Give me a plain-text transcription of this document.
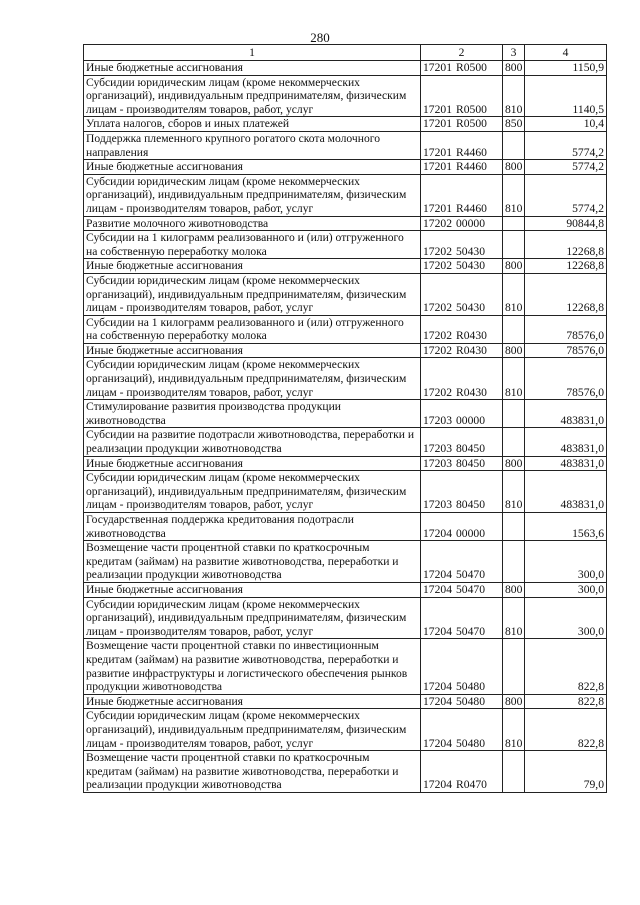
280
1	2	3	4
Иные бюджетные ассигнования	17201 R0500	800	1150,9
Субсидии юридическим лицам (кроме некоммерческих организаций), индивидуальным предпринимателям, физическим лицам - производителям товаров, работ, услуг	17201 R0500	810	1140,5
Уплата налогов, сборов и иных платежей	17201 R0500	850	10,4
Поддержка племенного крупного рогатого скота молочного направления	17201 R4460		5774,2
Иные бюджетные ассигнования	17201 R4460	800	5774,2
Субсидии юридическим лицам (кроме некоммерческих организаций), индивидуальным предпринимателям, физическим лицам - производителям товаров, работ, услуг	17201 R4460	810	5774,2
Развитие молочного животноводства	17202 00000		90844,8
Субсидии на 1 килограмм реализованного и (или) отгруженного на собственную переработку молока	17202 50430		12268,8
Иные бюджетные ассигнования	17202 50430	800	12268,8
Субсидии юридическим лицам (кроме некоммерческих организаций), индивидуальным предпринимателям, физическим лицам - производителям товаров, работ, услуг	17202 50430	810	12268,8
Субсидии на 1 килограмм реализованного и (или) отгруженного на собственную переработку молока	17202 R0430		78576,0
Иные бюджетные ассигнования	17202 R0430	800	78576,0
Субсидии юридическим лицам (кроме некоммерческих организаций), индивидуальным предпринимателям, физическим лицам - производителям товаров, работ, услуг	17202 R0430	810	78576,0
Стимулирование развития производства продукции животноводства	17203 00000		483831,0
Субсидии на развитие подотрасли животноводства, переработки и реализации продукции животноводства	17203 80450		483831,0
Иные бюджетные ассигнования	17203 80450	800	483831,0
Субсидии юридическим лицам (кроме некоммерческих организаций), индивидуальным предпринимателям, физическим лицам - производителям товаров, работ, услуг	17203 80450	810	483831,0
Государственная поддержка кредитования подотрасли животноводства	17204 00000		1563,6
Возмещение части процентной ставки по краткосрочным кредитам (займам) на развитие животноводства, переработки и реализации продукции животноводства	17204 50470		300,0
Иные бюджетные ассигнования	17204 50470	800	300,0
Субсидии юридическим лицам (кроме некоммерческих организаций), индивидуальным предпринимателям, физическим лицам - производителям товаров, работ, услуг	17204 50470	810	300,0
Возмещение части процентной ставки по инвестиционным кредитам (займам) на развитие животноводства, переработки и развитие инфраструктуры и логистического обеспечения рынков продукции животноводства	17204 50480		822,8
Иные бюджетные ассигнования	17204 50480	800	822,8
Субсидии юридическим лицам (кроме некоммерческих организаций), индивидуальным предпринимателям, физическим лицам - производителям товаров, работ, услуг	17204 50480	810	822,8
Возмещение части процентной ставки по краткосрочным кредитам (займам) на развитие животноводства, переработки и реализации продукции животноводства	17204 R0470		79,0
